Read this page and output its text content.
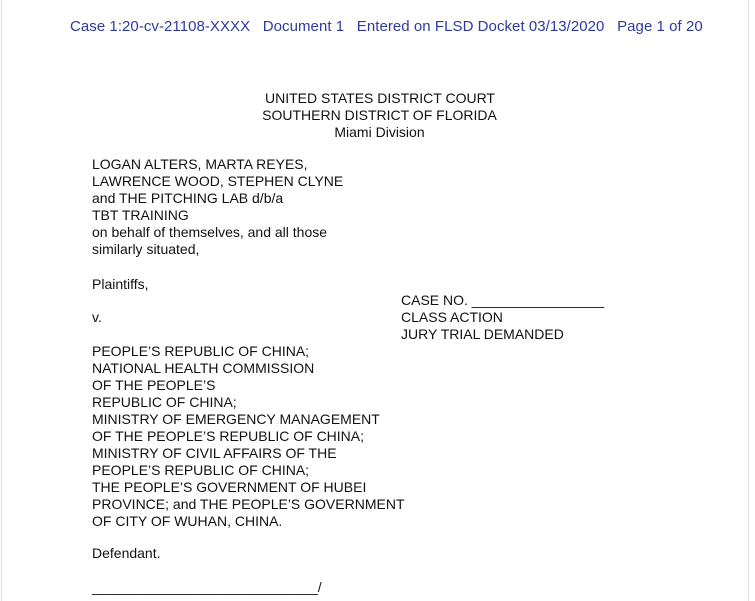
Case 1:20-cv-21108-XXXX   Document 1   Entered on FLSD Docket 03/13/2020   Page 1 of 20
UNITED STATES DISTRICT COURT
SOUTHERN DISTRICT OF FLORIDA
Miami Division
LOGAN ALTERS, MARTA REYES,
LAWRENCE WOOD, STEPHEN CLYNE
and THE PITCHING LAB d/b/a
TBT TRAINING
on behalf of themselves, and all those
similarly situated,
Plaintiffs,
v.
CASE NO. _________________
CLASS ACTION
JURY TRIAL DEMANDED
PEOPLE’S REPUBLIC OF CHINA;
NATIONAL HEALTH COMMISSION
OF THE PEOPLE’S
REPUBLIC OF CHINA;
MINISTRY OF EMERGENCY MANAGEMENT
OF THE PEOPLE’S REPUBLIC OF CHINA;
MINISTRY OF CIVIL AFFAIRS OF THE
PEOPLE’S REPUBLIC OF CHINA;
THE PEOPLE’S GOVERNMENT OF HUBEI
PROVINCE; and THE PEOPLE’S GOVERNMENT
OF CITY OF WUHAN, CHINA.
Defendant.
_____________________________/
